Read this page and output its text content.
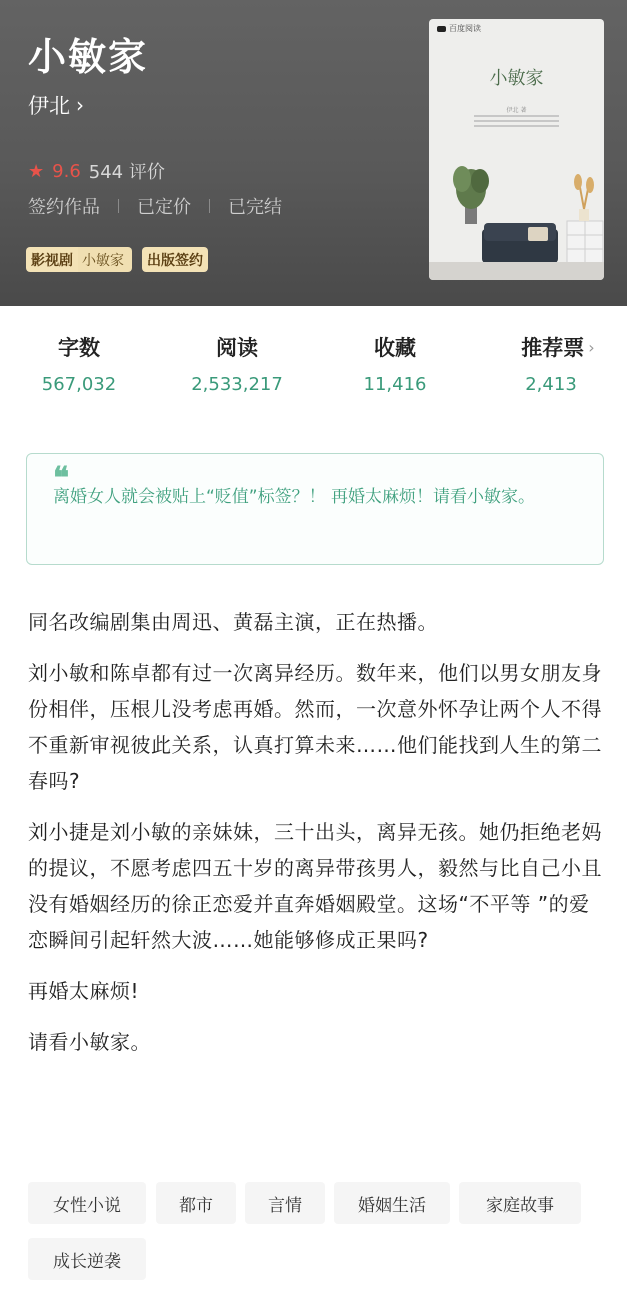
小敏家
伊北 ›
★ 9.6 544 评价
签约作品 已定价 已完结
影视剧 小敏家	出版签约
百度阅读
小敏家
伊北 著
字数
567,032
阅读
2,533,217
收藏
11,416
推荐票 ›
2,413
❝
离婚女人就会被贴上“贬值”标签？！ 再婚太麻烦！请看小敏家。

同名改编剧集由周迅、黄磊主演，正在热播。

刘小敏和陈卓都有过一次离异经历。数年来，他们以男女朋友身份相伴，压根儿没考虑再婚。然而，一次意外怀孕让两个人不得不重新审视彼此关系，认真打算未来……他们能找到人生的第二春吗?

刘小捷是刘小敏的亲妹妹，三十出头，离异无孩。她仍拒绝老妈的提议，不愿考虑四五十岁的离异带孩男人，毅然与比自己小且没有婚姻经历的徐正恋爱并直奔婚姻殿堂。这场“不平等 ”的爱恋瞬间引起轩然大波……她能够修成正果吗?

再婚太麻烦!

请看小敏家。

女性小说	都市	言情	婚姻生活	家庭故事
成长逆袭
